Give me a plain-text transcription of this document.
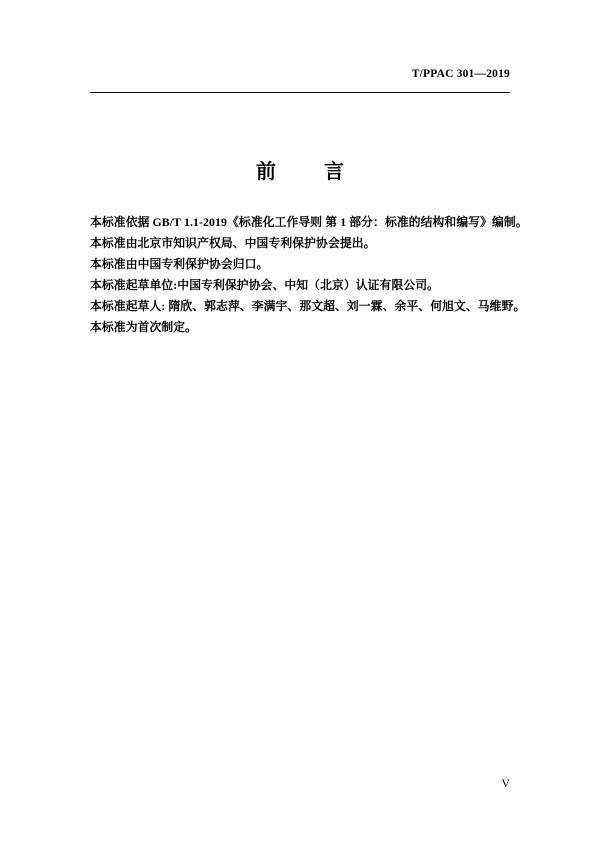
T/PPAC 301—2019
前　言
本标准依据 GB/T 1.1-2019《标准化工作导则 第 1 部分：标准的结构和编写》编制。
本标准由北京市知识产权局、中国专利保护协会提出。
本标准由中国专利保护协会归口。
本标准起草单位:中国专利保护协会、中知（北京）认证有限公司。
本标准起草人: 隋欣、郭志萍、李满宇、那文超、刘一霖、余平、何旭文、马维野。
本标准为首次制定。
V
